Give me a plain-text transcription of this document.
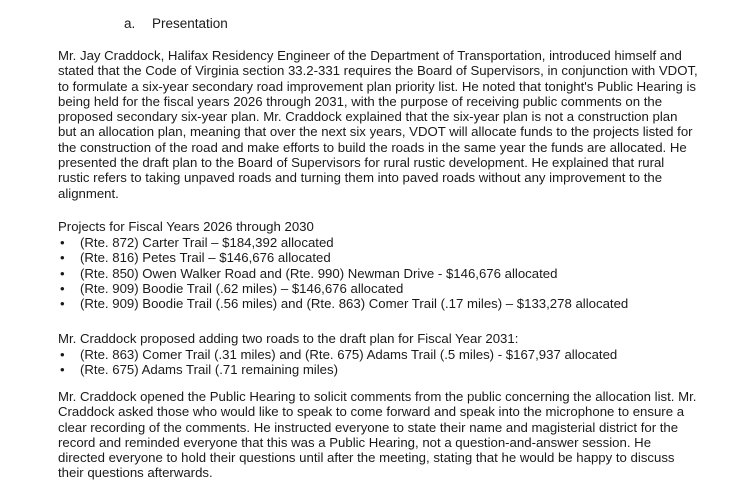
a. Presentation

Mr. Jay Craddock, Halifax Residency Engineer of the Department of Transportation, introduced himself and stated that the Code of Virginia section 33.2-331 requires the Board of Supervisors, in conjunction with VDOT, to formulate a six-year secondary road improvement plan priority list. He noted that tonight's Public Hearing is being held for the fiscal years 2026 through 2031, with the purpose of receiving public comments on the proposed secondary six-year plan. Mr. Craddock explained that the six-year plan is not a construction plan but an allocation plan, meaning that over the next six years, VDOT will allocate funds to the projects listed for the construction of the road and make efforts to build the roads in the same year the funds are allocated. He presented the draft plan to the Board of Supervisors for rural rustic development. He explained that rural rustic refers to taking unpaved roads and turning them into paved roads without any improvement to the alignment.

Projects for Fiscal Years 2026 through 2030
• (Rte. 872) Carter Trail – $184,392 allocated
• (Rte. 816) Petes Trail – $146,676 allocated
• (Rte. 850) Owen Walker Road and (Rte. 990) Newman Drive - $146,676 allocated
• (Rte. 909) Boodie Trail (.62 miles) – $146,676 allocated
• (Rte. 909) Boodie Trail (.56 miles) and (Rte. 863) Comer Trail (.17 miles) – $133,278 allocated
Mr. Craddock proposed adding two roads to the draft plan for Fiscal Year 2031:
• (Rte. 863) Comer Trail (.31 miles) and (Rte. 675) Adams Trail (.5 miles) - $167,937 allocated
• (Rte. 675) Adams Trail (.71 remaining miles)

Mr. Craddock opened the Public Hearing to solicit comments from the public concerning the allocation list. Mr. Craddock asked those who would like to speak to come forward and speak into the microphone to ensure a clear recording of the comments. He instructed everyone to state their name and magisterial district for the record and reminded everyone that this was a Public Hearing, not a question-and-answer session. He directed everyone to hold their questions until after the meeting, stating that he would be happy to discuss their questions afterwards.
